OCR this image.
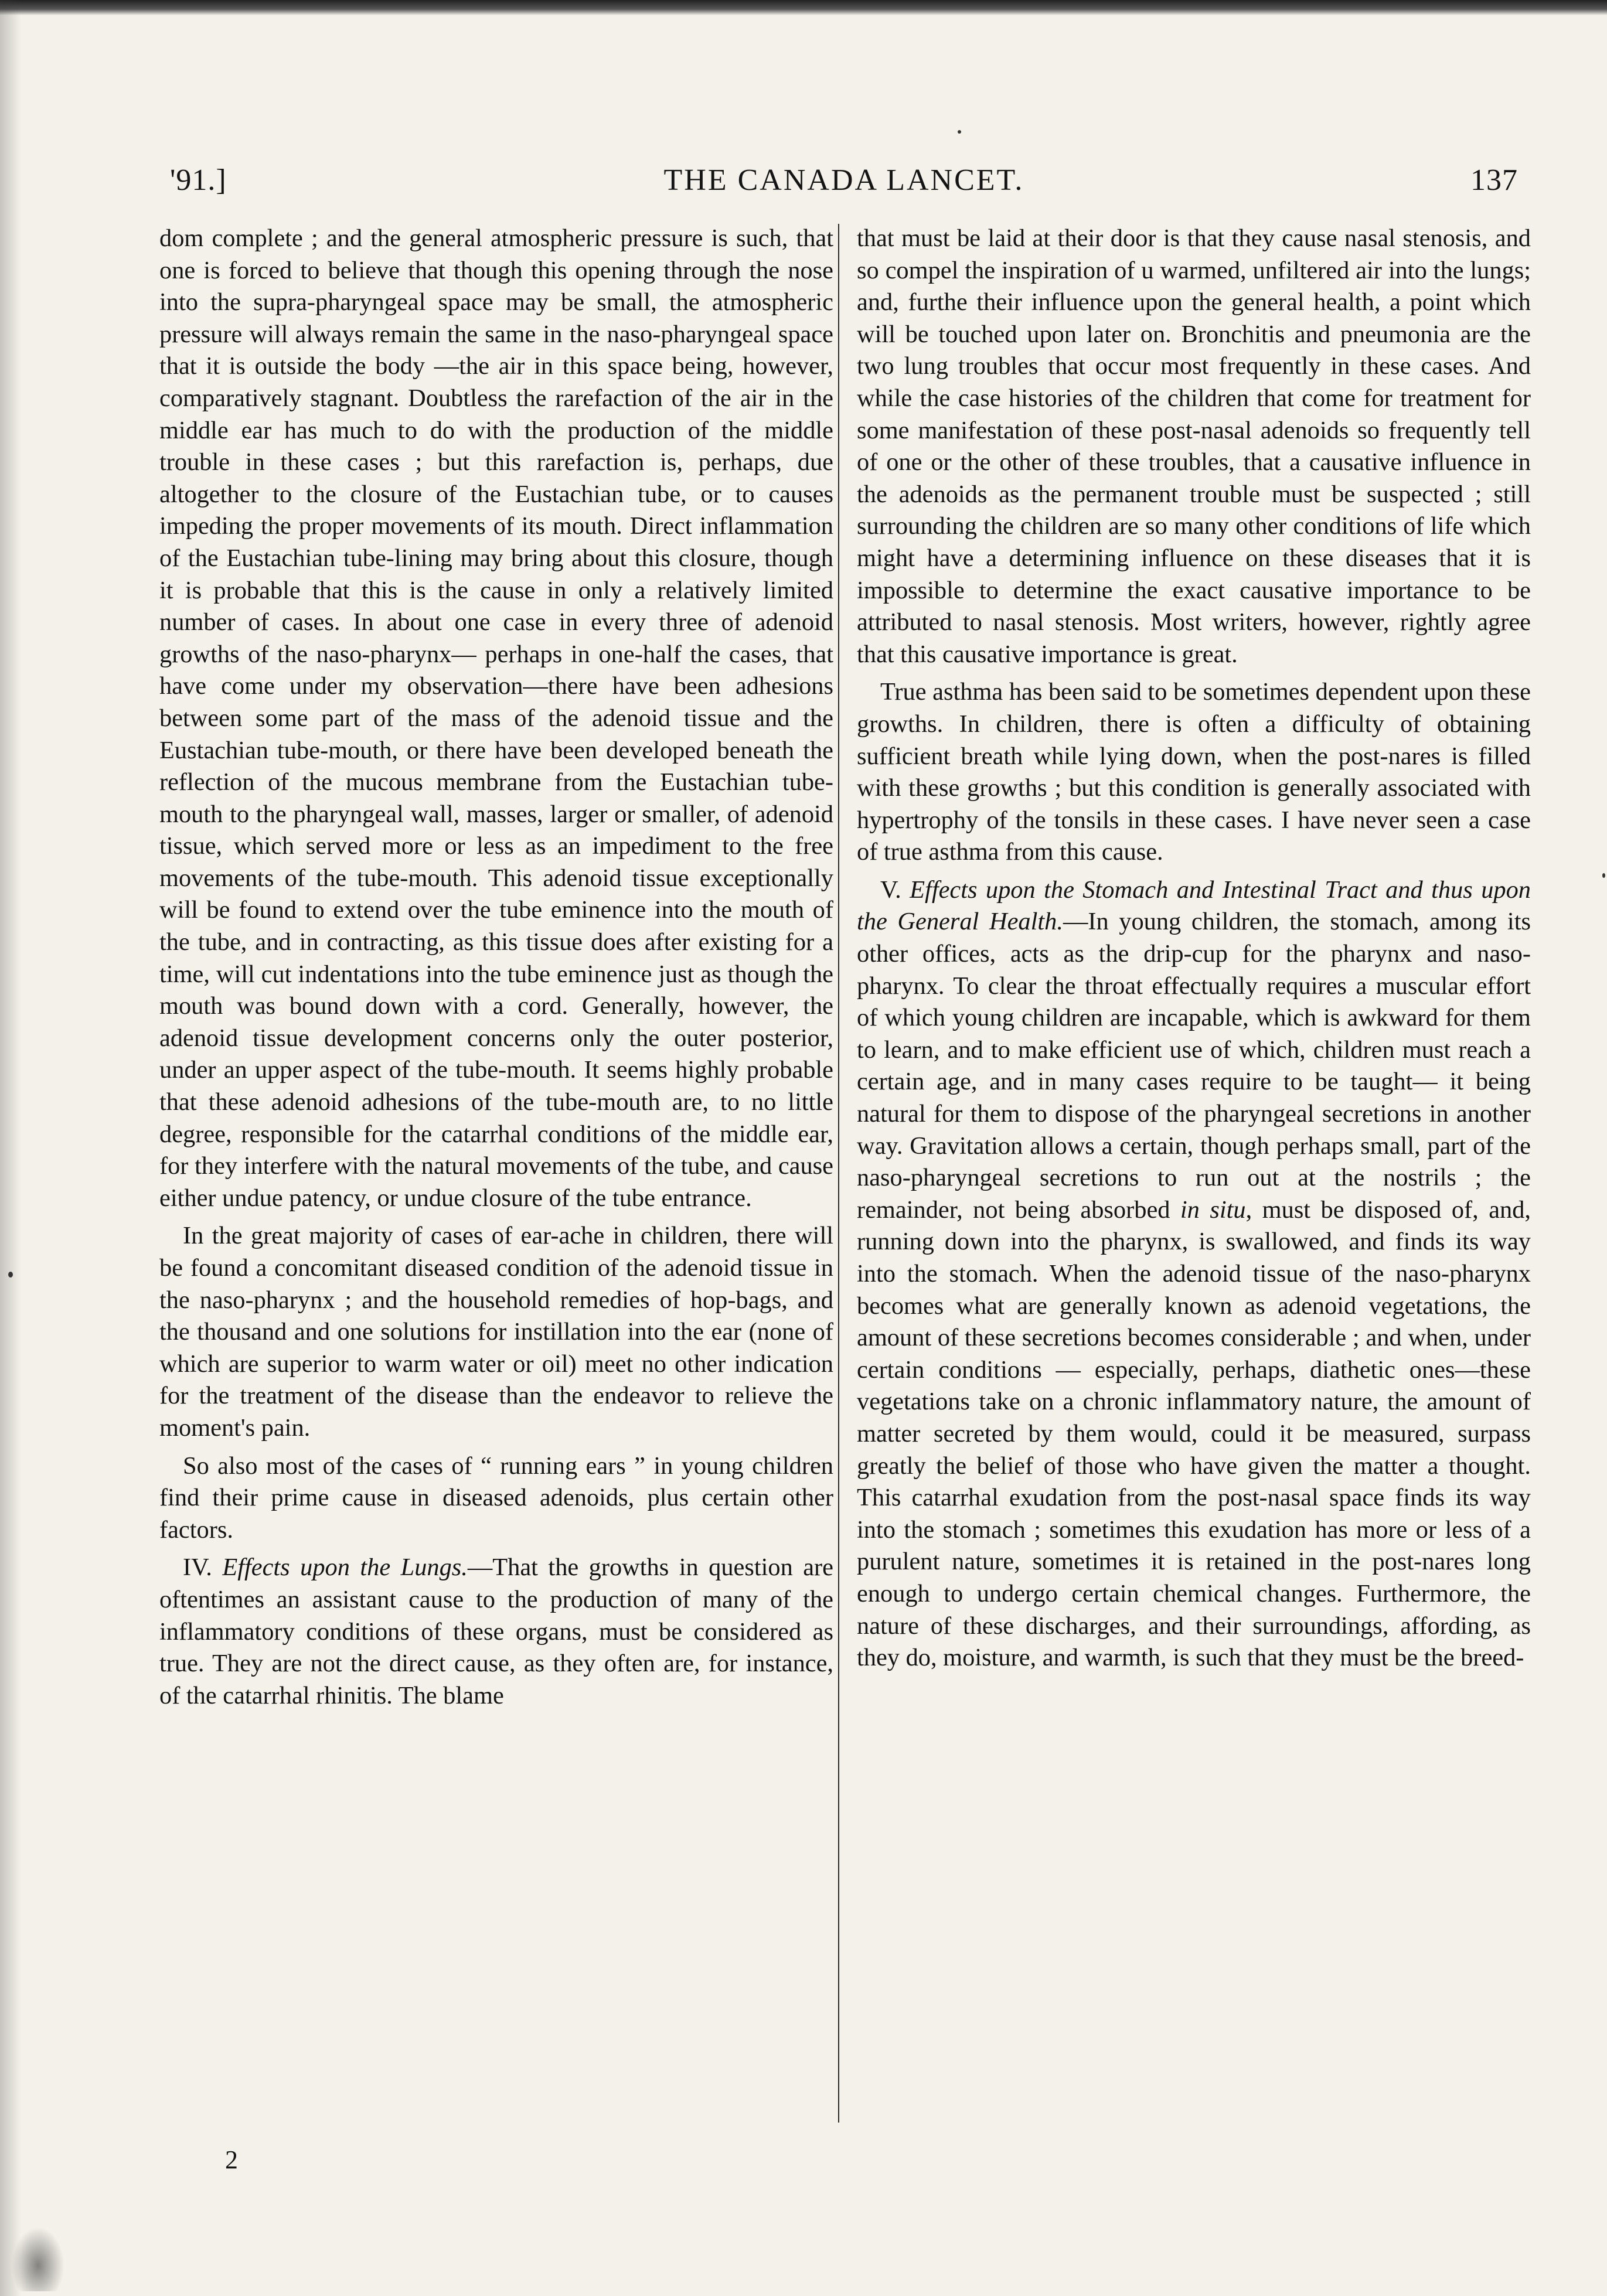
'91.]	THE CANADA LANCET.	137

dom complete ; and the general atmospheric pressure is such, that one is forced to believe that though this opening through the nose into the supra-pharyngeal space may be small, the atmospheric pressure will always remain the same in the naso-pharyngeal space that it is outside the body —the air in this space being, however, comparatively stagnant. Doubtless the rarefaction of the air in the middle ear has much to do with the production of the middle trouble in these cases ; but this rarefaction is, perhaps, due altogether to the closure of the Eustachian tube, or to causes impeding the proper movements of its mouth. Direct inflammation of the Eustachian tube-lining may bring about this closure, though it is probable that this is the cause in only a relatively limited number of cases. In about one case in every three of adenoid growths of the naso-pharynx— perhaps in one-half the cases, that have come under my observation—there have been adhesions between some part of the mass of the adenoid tissue and the Eustachian tube-mouth, or there have been developed beneath the reflection of the mucous membrane from the Eustachian tube-mouth to the pharyngeal wall, masses, larger or smaller, of adenoid tissue, which served more or less as an impediment to the free movements of the tube-mouth. This adenoid tissue exceptionally will be found to extend over the tube eminence into the mouth of the tube, and in contracting, as this tissue does after existing for a time, will cut indentations into the tube eminence just as though the mouth was bound down with a cord. Generally, however, the adenoid tissue development concerns only the outer posterior, under an upper aspect of the tube-mouth. It seems highly probable that these adenoid adhesions of the tube-mouth are, to no little degree, responsible for the catarrhal conditions of the middle ear, for they interfere with the natural movements of the tube, and cause either undue patency, or undue closure of the tube entrance.

In the great majority of cases of ear-ache in children, there will be found a concomitant diseased condition of the adenoid tissue in the naso-pharynx ; and the household remedies of hop-bags, and the thousand and one solutions for instillation into the ear (none of which are superior to warm water or oil) meet no other indication for the treatment of the disease than the endeavor to relieve the moment's pain.

So also most of the cases of “ running ears ” in young children find their prime cause in diseased adenoids, plus certain other factors.

IV. Effects upon the Lungs.—That the growths in question are oftentimes an assistant cause to the production of many of the inflammatory conditions of these organs, must be considered as true. They are not the direct cause, as they often are, for instance, of the catarrhal rhinitis. The blame

that must be laid at their door is that they cause nasal stenosis, and so compel the inspiration of u warmed, unfiltered air into the lungs; and, furthe their influence upon the general health, a point which will be touched upon later on. Bronchitis and pneumonia are the two lung troubles that occur most frequently in these cases. And while the case histories of the children that come for treatment for some manifestation of these post-nasal adenoids so frequently tell of one or the other of these troubles, that a causative influence in the adenoids as the permanent trouble must be suspected ; still surrounding the children are so many other conditions of life which might have a determining influence on these diseases that it is impossible to determine the exact causative importance to be attributed to nasal stenosis. Most writers, however, rightly agree that this causative importance is great.

True asthma has been said to be sometimes dependent upon these growths. In children, there is often a difficulty of obtaining sufficient breath while lying down, when the post-nares is filled with these growths ; but this condition is generally associated with hypertrophy of the tonsils in these cases. I have never seen a case of true asthma from this cause.

V. Effects upon the Stomach and Intestinal Tract and thus upon the General Health.—In young children, the stomach, among its other offices, acts as the drip-cup for the pharynx and naso-pharynx. To clear the throat effectually requires a muscular effort of which young children are incapable, which is awkward for them to learn, and to make efficient use of which, children must reach a certain age, and in many cases require to be taught— it being natural for them to dispose of the pharyngeal secretions in another way. Gravitation allows a certain, though perhaps small, part of the naso-pharyngeal secretions to run out at the nostrils ; the remainder, not being absorbed in situ, must be disposed of, and, running down into the pharynx, is swallowed, and finds its way into the stomach. When the adenoid tissue of the naso-pharynx becomes what are generally known as adenoid vegetations, the amount of these secretions becomes considerable ; and when, under certain conditions — especially, perhaps, diathetic ones—these vegetations take on a chronic inflammatory nature, the amount of matter secreted by them would, could it be measured, surpass greatly the belief of those who have given the matter a thought. This catarrhal exudation from the post-nasal space finds its way into the stomach ; sometimes this exudation has more or less of a purulent nature, sometimes it is retained in the post-nares long enough to undergo certain chemical changes. Furthermore, the nature of these discharges, and their surroundings, affording, as they do, moisture, and warmth, is such that they must be the breed-

2
